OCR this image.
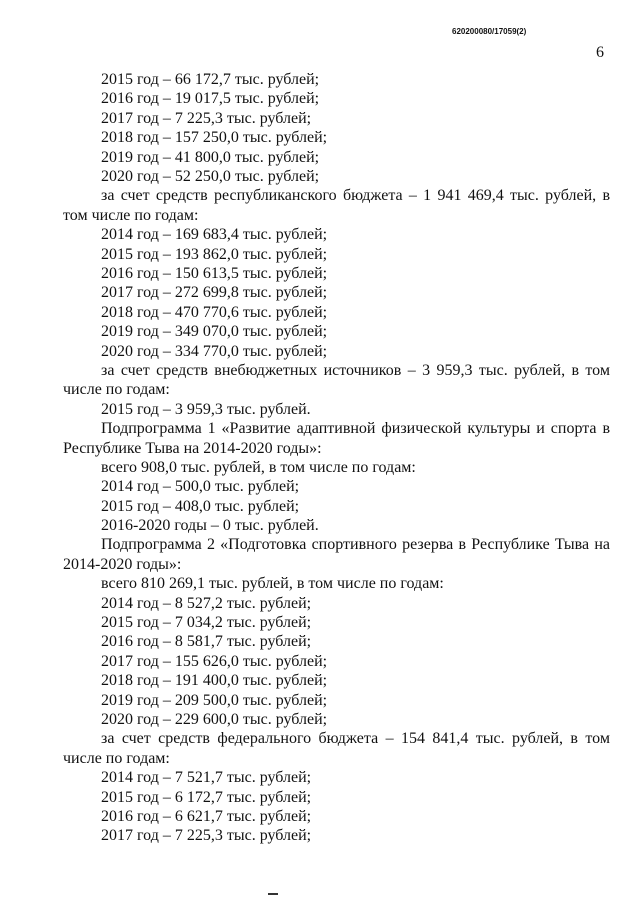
620200080/17059(2)
6
2015 год – 66 172,7 тыс. рублей;
2016 год – 19 017,5 тыс. рублей;
2017 год – 7 225,3 тыс. рублей;
2018 год – 157 250,0 тыс. рублей;
2019 год – 41 800,0 тыс. рублей;
2020 год – 52 250,0 тыс. рублей;
за счет средств республиканского бюджета – 1 941 469,4 тыс. рублей, в том числе по годам:
2014 год – 169 683,4 тыс. рублей;
2015 год – 193 862,0 тыс. рублей;
2016 год – 150 613,5 тыс. рублей;
2017 год – 272 699,8 тыс. рублей;
2018 год – 470 770,6 тыс. рублей;
2019 год – 349 070,0 тыс. рублей;
2020 год – 334 770,0 тыс. рублей;
за счет средств внебюджетных источников – 3 959,3 тыс. рублей, в том числе по годам:
2015 год – 3 959,3 тыс. рублей.
Подпрограмма 1 «Развитие адаптивной физической культуры и спорта в Республике Тыва на 2014-2020 годы»:
всего 908,0 тыс. рублей, в том числе по годам:
2014 год – 500,0 тыс. рублей;
2015 год – 408,0 тыс. рублей;
2016-2020 годы – 0 тыс. рублей.
Подпрограмма 2 «Подготовка спортивного резерва в Республике Тыва на 2014-2020 годы»:
всего 810 269,1 тыс. рублей, в том числе по годам:
2014 год – 8 527,2 тыс. рублей;
2015 год – 7 034,2 тыс. рублей;
2016 год – 8 581,7 тыс. рублей;
2017 год – 155 626,0 тыс. рублей;
2018 год – 191 400,0 тыс. рублей;
2019 год – 209 500,0 тыс. рублей;
2020 год – 229 600,0 тыс. рублей;
за счет средств федерального бюджета – 154 841,4 тыс. рублей, в том числе по годам:
2014 год – 7 521,7 тыс. рублей;
2015 год – 6 172,7 тыс. рублей;
2016 год – 6 621,7 тыс. рублей;
2017 год – 7 225,3 тыс. рублей;
